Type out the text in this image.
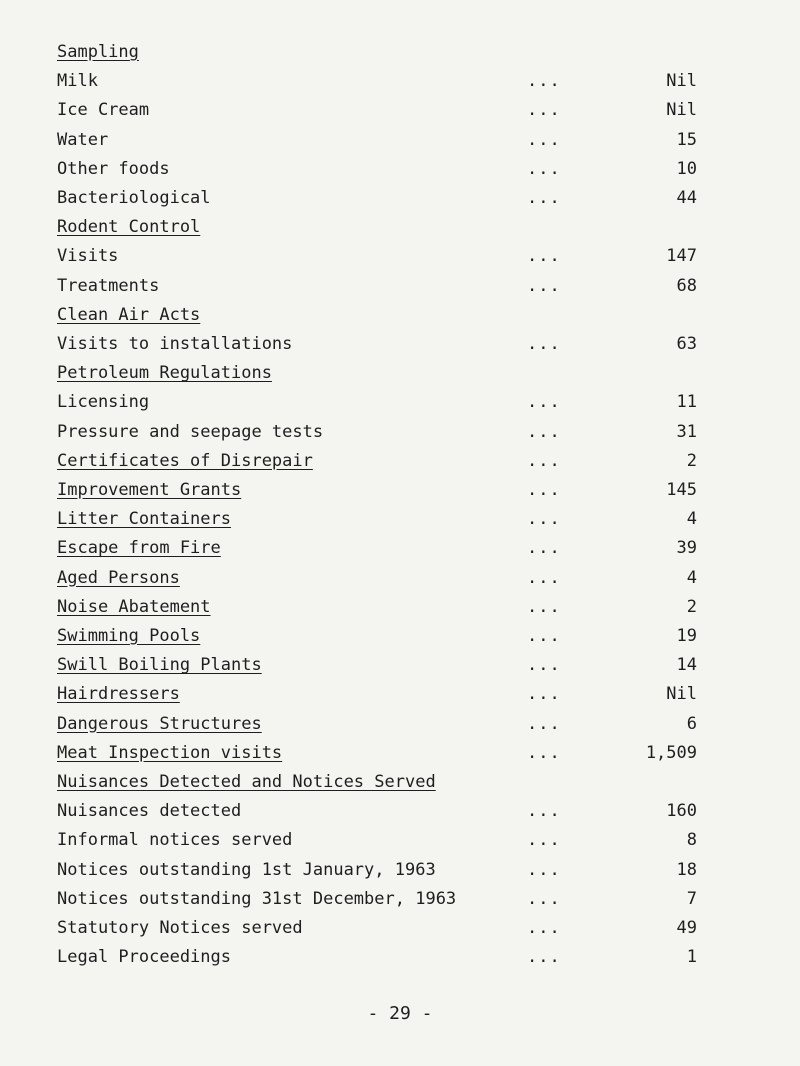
Sampling
Milk	...	Nil
Ice Cream	...	Nil
Water	...	15
Other foods	...	10
Bacteriological	...	44
Rodent Control
Visits	...	147
Treatments	...	68
Clean Air Acts
Visits to installations	...	63
Petroleum Regulations
Licensing	...	11
Pressure and seepage tests	...	31
Certificates of Disrepair	...	2
Improvement Grants	...	145
Litter Containers	...	4
Escape from Fire	...	39
Aged Persons	...	4
Noise Abatement	...	2
Swimming Pools	...	19
Swill Boiling Plants	...	14
Hairdressers	...	Nil
Dangerous Structures	...	6
Meat Inspection visits	...	1,509
Nuisances Detected and Notices Served
Nuisances detected	...	160
Informal notices served	...	8
Notices outstanding 1st January, 1963	...	18
Notices outstanding 31st December, 1963	...	7
Statutory Notices served	...	49
Legal Proceedings	...	1
- 29 -
